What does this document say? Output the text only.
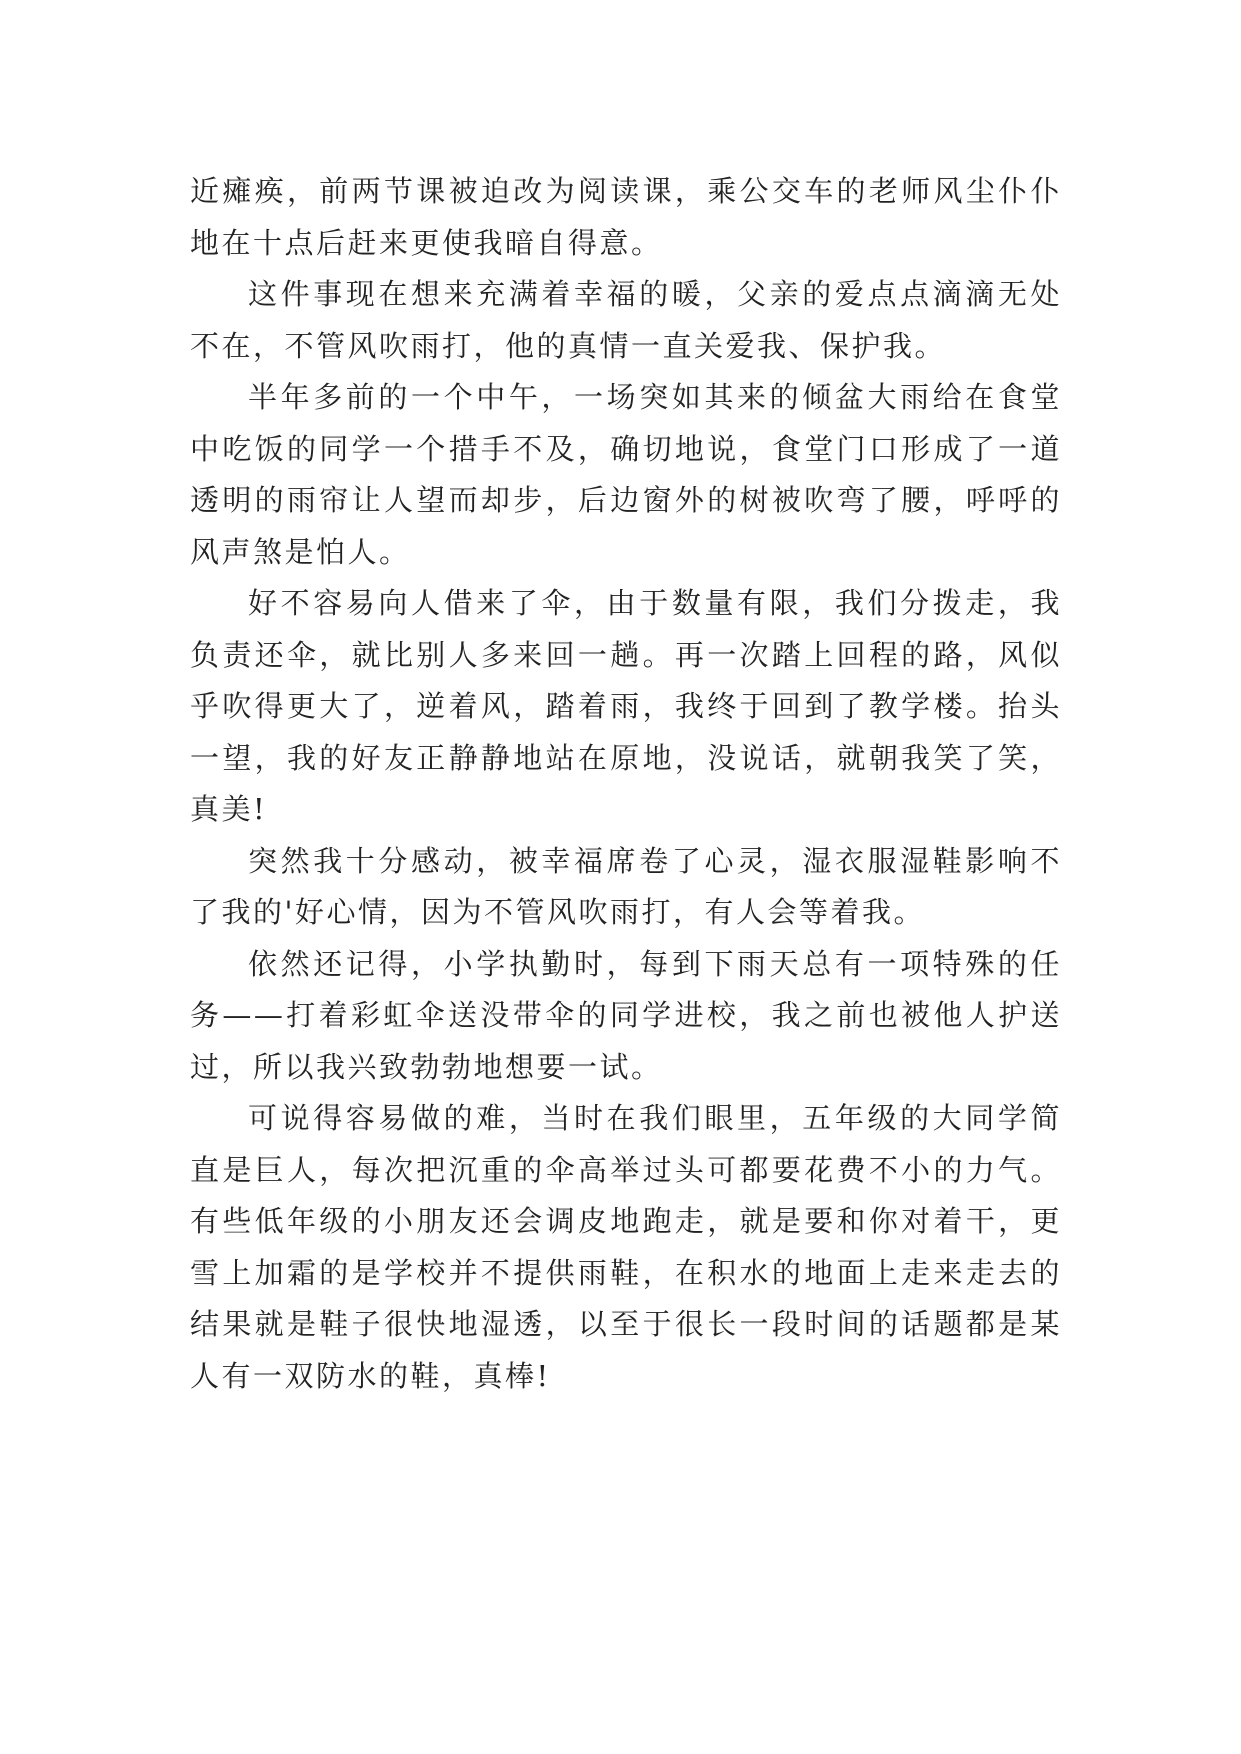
近瘫痪，前两节课被迫改为阅读课，乘公交车的老师风尘仆仆地在十点后赶来更使我暗自得意。

这件事现在想来充满着幸福的暖，父亲的爱点点滴滴无处不在，不管风吹雨打，他的真情一直关爱我、保护我。

半年多前的一个中午，一场突如其来的倾盆大雨给在食堂中吃饭的同学一个措手不及，确切地说，食堂门口形成了一道透明的雨帘让人望而却步，后边窗外的树被吹弯了腰，呼呼的风声煞是怕人。

好不容易向人借来了伞，由于数量有限，我们分拨走，我负责还伞，就比别人多来回一趟。再一次踏上回程的路，风似乎吹得更大了，逆着风，踏着雨，我终于回到了教学楼。抬头一望，我的好友正静静地站在原地，没说话，就朝我笑了笑，真美!

突然我十分感动，被幸福席卷了心灵，湿衣服湿鞋影响不了我的'好心情，因为不管风吹雨打，有人会等着我。

依然还记得，小学执勤时，每到下雨天总有一项特殊的任务——打着彩虹伞送没带伞的同学进校，我之前也被他人护送过，所以我兴致勃勃地想要一试。

可说得容易做的难，当时在我们眼里，五年级的大同学简直是巨人，每次把沉重的伞高举过头可都要花费不小的力气。有些低年级的小朋友还会调皮地跑走，就是要和你对着干，更雪上加霜的是学校并不提供雨鞋，在积水的地面上走来走去的结果就是鞋子很快地湿透，以至于很长一段时间的话题都是某人有一双防水的鞋，真棒!
